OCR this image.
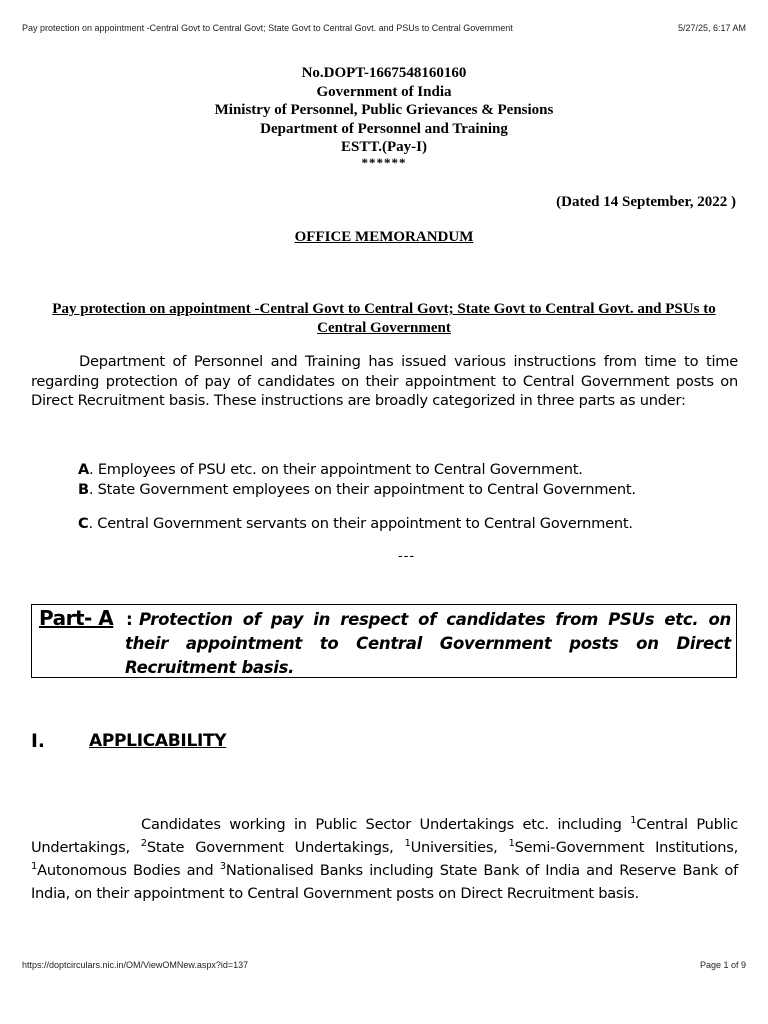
Pay protection on appointment -Central Govt to Central Govt; State Govt to Central Govt. and PSUs to Central Government	5/27/25, 6:17 AM
No.DOPT-1667548160160
Government of India
Ministry of Personnel, Public Grievances & Pensions
Department of Personnel and Training
ESTT.(Pay-I)
******
(Dated 14 September, 2022 )
OFFICE MEMORANDUM
Pay protection on appointment -Central Govt to Central Govt; State Govt to Central Govt. and PSUs to Central Government
Department of Personnel and Training has issued various instructions from time to time regarding protection of pay of candidates on their appointment to Central Government posts on Direct Recruitment basis. These instructions are broadly categorized in three parts as under:
A. Employees of PSU etc. on their appointment to Central Government.
B. State Government employees on their appointment to Central Government.
C. Central Government servants on their appointment to Central Government.
---
Part- A : Protection of pay in respect of candidates from PSUs etc. on their appointment to Central Government posts on Direct Recruitment basis.
I.	APPLICABILITY
Candidates working in Public Sector Undertakings etc. including $^1$Central Public Undertakings, $^2$State Government Undertakings, $^1$Universities, $^1$Semi-Government Institutions, $^1$Autonomous Bodies and $^3$Nationalised Banks including State Bank of India and Reserve Bank of India, on their appointment to Central Government posts on Direct Recruitment basis.
https://doptcirculars.nic.in/OM/ViewOMNew.aspx?id=137	Page 1 of 9
